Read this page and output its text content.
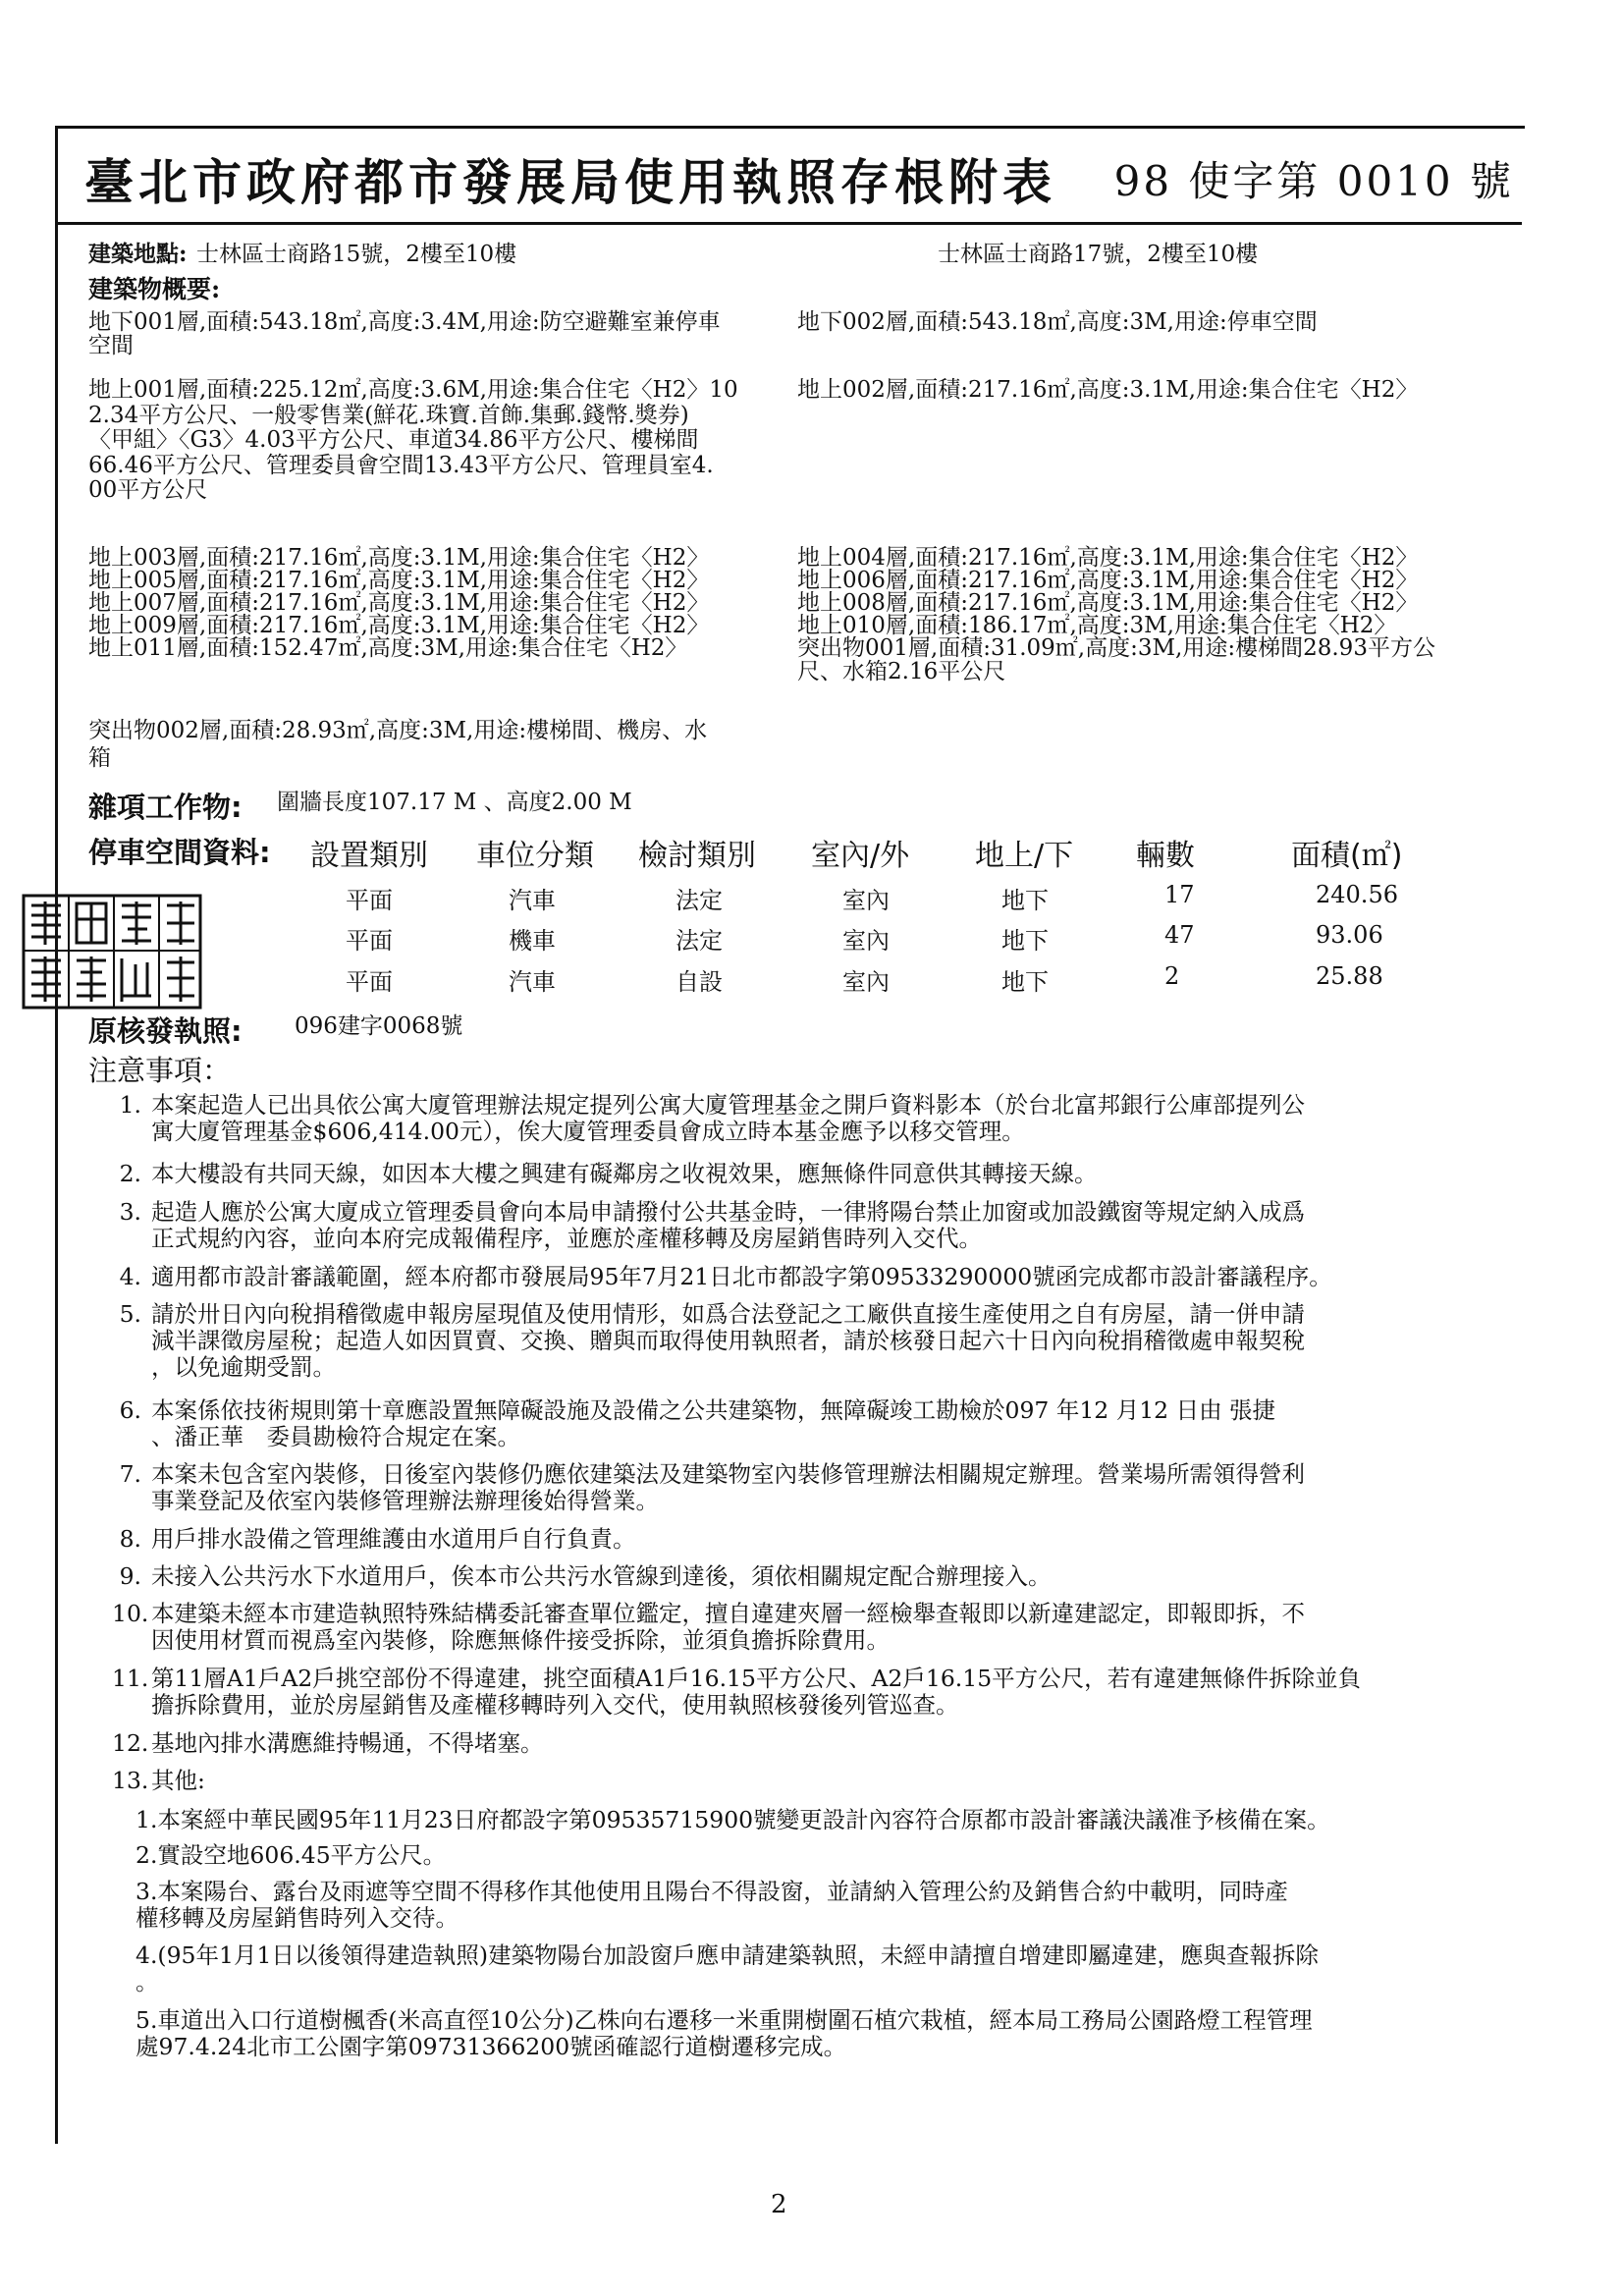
臺北市政府都市發展局使用執照存根附表 98 使字第 0010 號
建築地點: 士林區士商路15號，2樓至10樓	士林區士商路17號，2樓至10樓
建築物概要:
地下001層,面積:543.18㎡,高度:3.4M,用途:防空避難室兼停車
空間
地下002層,面積:543.18㎡,高度:3M,用途:停車空間
地上001層,面積:225.12㎡,高度:3.6M,用途:集合住宅〈H2〉10
2.34平方公尺、一般零售業(鮮花.珠寶.首飾.集郵.錢幣.獎券)
〈甲組〉〈G3〉4.03平方公尺、車道34.86平方公尺、樓梯間
66.46平方公尺、管理委員會空間13.43平方公尺、管理員室4.
00平方公尺
地上002層,面積:217.16㎡,高度:3.1M,用途:集合住宅〈H2〉
地上003層,面積:217.16㎡,高度:3.1M,用途:集合住宅〈H2〉
地上005層,面積:217.16㎡,高度:3.1M,用途:集合住宅〈H2〉
地上007層,面積:217.16㎡,高度:3.1M,用途:集合住宅〈H2〉
地上009層,面積:217.16㎡,高度:3.1M,用途:集合住宅〈H2〉
地上011層,面積:152.47㎡,高度:3M,用途:集合住宅〈H2〉
地上004層,面積:217.16㎡,高度:3.1M,用途:集合住宅〈H2〉
地上006層,面積:217.16㎡,高度:3.1M,用途:集合住宅〈H2〉
地上008層,面積:217.16㎡,高度:3.1M,用途:集合住宅〈H2〉
地上010層,面積:186.17㎡,高度:3M,用途:集合住宅〈H2〉
突出物001層,面積:31.09㎡,高度:3M,用途:樓梯間28.93平方公
尺、水箱2.16平公尺
突出物002層,面積:28.93㎡,高度:3M,用途:樓梯間、機房、水
箱
雜項工作物: 圍牆長度107.17 M 、高度2.00 M
停車空間資料: 設置類別 車位分類 檢討類別 室內/外 地上/下 輛數	面積(㎡)
平面	汽車	法定	室內	地下	17	240.56
平面	機車	法定	室內	地下	47	93.06
平面	汽車	自設	室內	地下	2	25.88
原核發執照: 096建字0068號
注意事項：
1. 本案起造人已出具依公寓大廈管理辦法規定提列公寓大廈管理基金之開戶資料影本（於台北富邦銀行公庫部提列公
寓大廈管理基金$606,414.00元），俟大廈管理委員會成立時本基金應予以移交管理。
2. 本大樓設有共同天線，如因本大樓之興建有礙鄰房之收視效果，應無條件同意供其轉接天線。
3. 起造人應於公寓大廈成立管理委員會向本局申請撥付公共基金時，一律將陽台禁止加窗或加設鐵窗等規定納入成爲
正式規約內容，並向本府完成報備程序，並應於產權移轉及房屋銷售時列入交代。
4. 適用都市設計審議範圍，經本府都市發展局95年7月21日北市都設字第09533290000號函完成都市設計審議程序。
5. 請於卅日內向稅捐稽徵處申報房屋現值及使用情形，如爲合法登記之工廠供直接生產使用之自有房屋，請一併申請
減半課徵房屋稅；起造人如因買賣、交換、贈與而取得使用執照者，請於核發日起六十日內向稅捐稽徵處申報契稅
，以免逾期受罰。
6. 本案係依技術規則第十章應設置無障礙設施及設備之公共建築物，無障礙竣工勘檢於097 年12 月12 日由 張捷
、潘正華　委員勘檢符合規定在案。
7. 本案未包含室內裝修，日後室內裝修仍應依建築法及建築物室內裝修管理辦法相關規定辦理。營業場所需領得營利
事業登記及依室內裝修管理辦法辦理後始得營業。
8. 用戶排水設備之管理維護由水道用戶自行負責。
9. 未接入公共污水下水道用戶，俟本市公共污水管線到達後，須依相關規定配合辦理接入。
10. 本建築未經本市建造執照特殊結構委託審查單位鑑定，擅自違建夾層一經檢舉查報即以新違建認定，即報即拆，不
因使用材質而視爲室內裝修，除應無條件接受拆除，並須負擔拆除費用。
11. 第11層A1戶A2戶挑空部份不得違建，挑空面積A1戶16.15平方公尺、A2戶16.15平方公尺，若有違建無條件拆除並負
擔拆除費用，並於房屋銷售及產權移轉時列入交代，使用執照核發後列管巡查。
12. 基地內排水溝應維持暢通，不得堵塞。
13. 其他:
1.本案經中華民國95年11月23日府都設字第09535715900號變更設計內容符合原都市設計審議決議准予核備在案。
2.實設空地606.45平方公尺。
3.本案陽台、露台及雨遮等空間不得移作其他使用且陽台不得設窗，並請納入管理公約及銷售合約中載明，同時產
權移轉及房屋銷售時列入交待。
4.(95年1月1日以後領得建造執照)建築物陽台加設窗戶應申請建築執照，未經申請擅自增建即屬違建，應與查報拆除
。
5.車道出入口行道樹楓香(米高直徑10公分)乙株向右遷移一米重開樹圍石植穴栽植，經本局工務局公園路燈工程管理
處97.4.24北市工公園字第09731366200號函確認行道樹遷移完成。
2
